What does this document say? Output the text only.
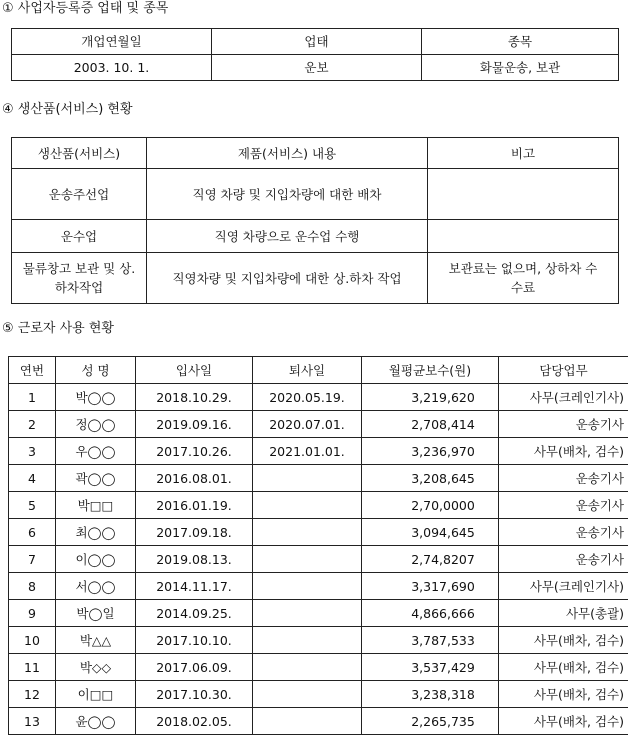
① 사업자등록증 업태 및 종목
개업연월일	업태	종목
2003. 10. 1.	운보	화물운송, 보관
④ 생산품(서비스) 현황
생산품(서비스)	제품(서비스) 내용	비고
운송주선업	직영 차량 및 지입차량에 대한 배차	
운수업	직영 차량으로 운수업 수행	
물류창고 보관 및 상.하차작업	직영차량 및 지입차량에 대한 상.하차 작업	보관료는 없으며, 상하차 수수료
⑤ 근로자 사용 현황
연번	성 명	입사일	퇴사일	월평균보수(원)	담당업무
1	박◯◯	2018.10.29.	2020.05.19.	3,219,620	사무(크레인기사)
2	정◯◯	2019.09.16.	2020.07.01.	2,708,414	운송기사
3	우◯◯	2017.10.26.	2021.01.01.	3,236,970	사무(배차, 검수)
4	곽◯◯	2016.08.01.		3,208,645	운송기사
5	박□□	2016.01.19.		2,70,0000	운송기사
6	최◯◯	2017.09.18.		3,094,645	운송기사
7	이◯◯	2019.08.13.		2,74,8207	운송기사
8	서◯◯	2014.11.17.		3,317,690	사무(크레인기사)
9	박◯일	2014.09.25.		4,866,666	사무(총괄)
10	박△△	2017.10.10.		3,787,533	사무(배차, 검수)
11	박◇◇	2017.06.09.		3,537,429	사무(배차, 검수)
12	이□□	2017.10.30.		3,238,318	사무(배차, 검수)
13	윤◯◯	2018.02.05.		2,265,735	사무(배차, 검수)
